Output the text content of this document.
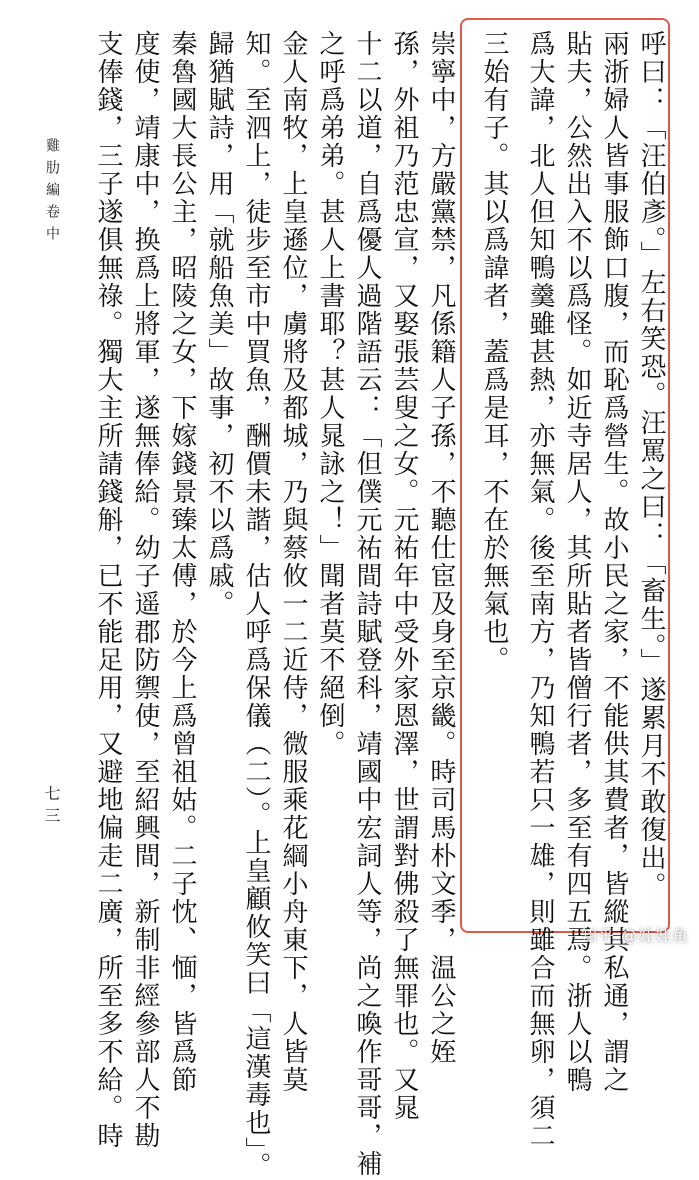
雞肋編卷中
七三	呼曰：「汪伯彥。」左右笑恐。汪罵之曰：「畜生。」遂累月不敢復出。
兩浙婦人皆事服飾口腹，而恥爲營生。故小民之家，不能供其費者，皆縱其私通，謂之
貼夫，公然出入不以爲怪。如近寺居人，其所貼者皆僧行者，多至有四五焉。浙人以鴨
爲大諱，北人但知鴨羹雖甚熱，亦無氣。後至南方，乃知鴨若只一雄，則雖合而無卵，須二
三始有子。其以爲諱者，蓋爲是耳，不在於無氣也。
崇寧中，方嚴黨禁，凡係籍人子孫，不聽仕宦及身至京畿。時司馬朴文季，温公之姪
孫，外祖乃范忠宣，又娶張芸叟之女。元祐年中受外家恩澤，世謂對佛殺了無罪也。又晁
十二以道，自爲優人過階語云：「但僕元祐間詩賦登科，靖國中宏詞人等，尚之喚作哥哥，補
之呼爲弟弟。甚人上書耶？甚人晁詠之！」聞者莫不絕倒。
金人南牧，上皇遜位，虜將及都城，乃與蔡攸一二近侍，微服乘花綱小舟東下，人皆莫
知。至泗上，徒步至市中買魚，酬價未諧，估人呼爲保儀（二）。上皇顧攸笑曰「這漢毒也」。
歸猶賦詩，用「就船魚美」故事，初不以爲戚。
秦魯國大長公主，昭陵之女，下嫁錢景臻太傅，於今上爲曾祖姑。二子忱、愐，皆爲節
度使，靖康中，换爲上將軍，遂無俸給。幼子遥郡防禦使，至紹興間，新制非經參部人不勘
支俸錢，三子遂俱無祿。獨大主所請錢斛，已不能足用，又避地偏走二廣，所至多不給。時	知乎 @娃娃鱼
